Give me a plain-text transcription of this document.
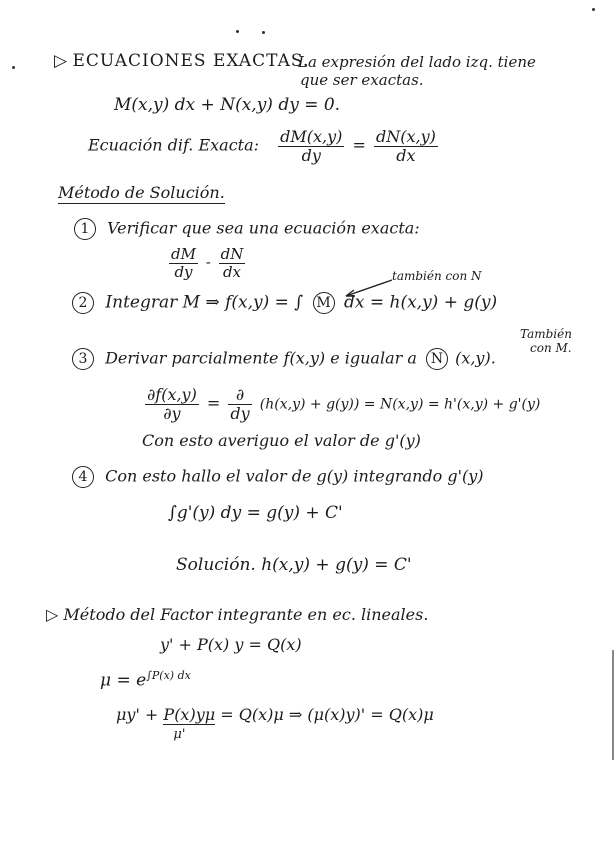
▷ ECUACIONES EXACTAS.
La expresión del lado izq. tiene
que ser exactas.
M(x,y) dx + N(x,y) dy = 0.
Ecuación dif. Exacta: $\frac{dM(x,y)}{dy} = \frac{dN(x,y)}{dx}$
Método de Solución.
1 Verificar que sea una ecuación exacta:
$\frac{dM}{dy} - \frac{dN}{dx}$	también con N
2 Integrar M ⇒ f(x,y) = ∫ M dx = h(x,y) + g(y)
También
con M.
3 Derivar parcialmente f(x,y) e igualar a N (x,y).
$\frac{\partial f(x,y)}{\partial y} = \frac{\partial}{dy} (h(x,y) + g(y)) = N(x,y) = h'(x,y) + g'(y)$
Con esto averiguo el valor de g'(y)
4 Con esto hallo el valor de g(y) integrando g'(y)
∫g'(y) dy = g(y) + C'
Solución. h(x,y) + g(y) = C'
▷ Método del Factor integrante en ec. lineales.
y' + P(x) y = Q(x)
$\mu = e^{\int P(x) dx}$
μy' + P(x)yμ
μ'
= Q(x)μ ⇒ (μ(x)y)' = Q(x)μ
